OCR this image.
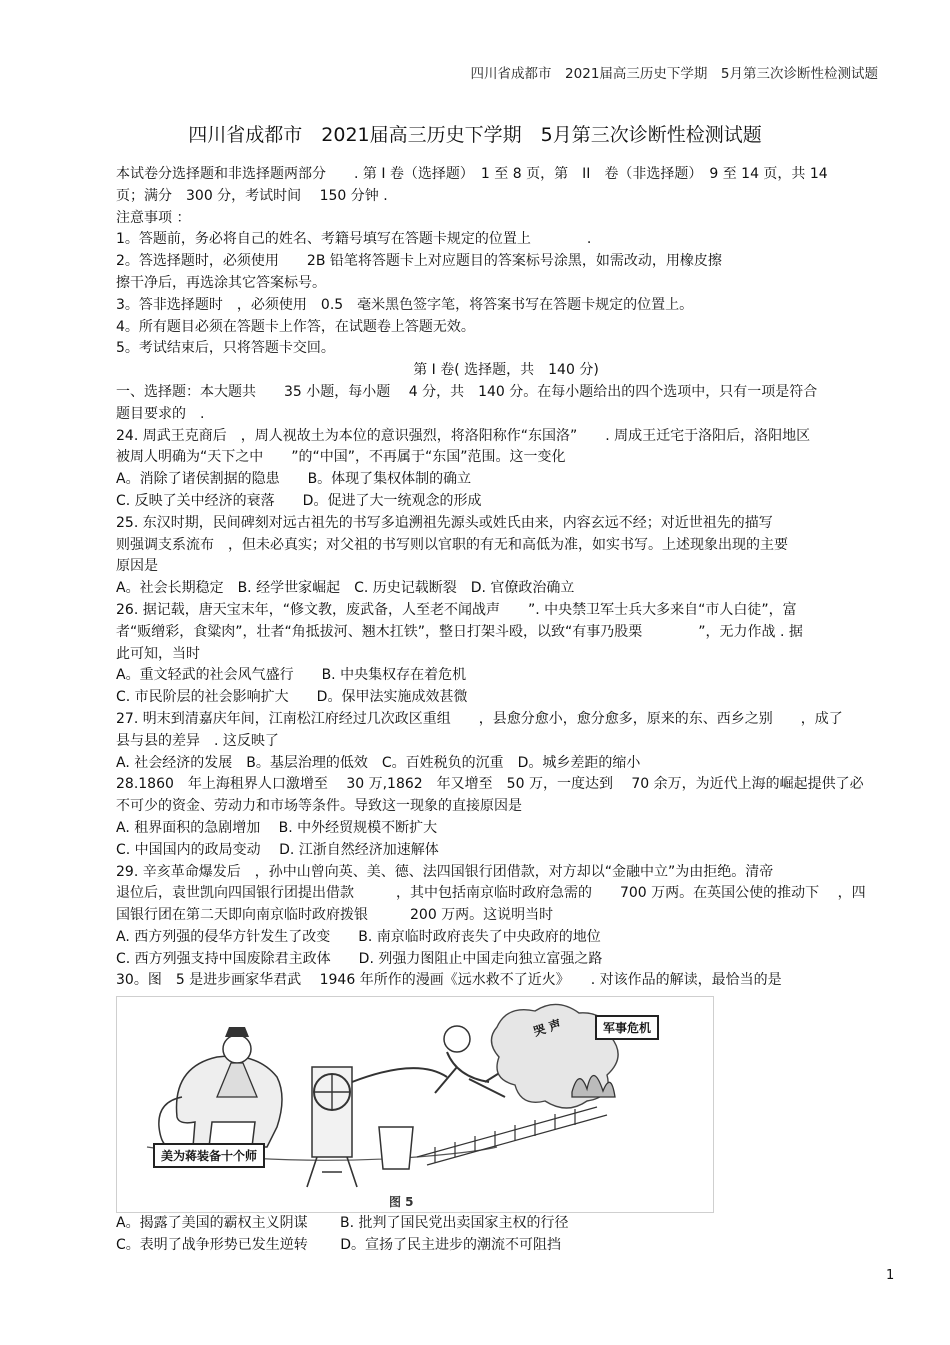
四川省成都市　2021届高三历史下学期　5月第三次诊断性检测试题
四川省成都市　2021届高三历史下学期　5月第三次诊断性检测试题
本试卷分选择题和非选择题两部分　　. 第 I 卷（选择题）　1 至 8 页，第　II　卷（非选择题）　9 至 14 页，共 14
页；满分　300 分，考试时间　 150 分钟 .
注意事项 ：
1。答题前，务必将自己的姓名、考籍号填写在答题卡规定的位置上　　　　.
2。答选择题时，必须使用　　2B 铅笔将答题卡上对应题目的答案标号涂黑，如需改动，用橡皮擦
擦干净后，再选涂其它答案标号。
3。答非选择题时　，必须使用　0.5　毫米黑色签字笔，将答案书写在答题卡规定的位置上。
4。所有题目必须在答题卡上作答，在试题卷上答题无效。
5。考试结束后，只将答题卡交回。
第 I 卷( 选择题，共　140 分)
一、选择题：本大题共　　35 小题，每小题　 4 分，共　140 分。在每小题给出的四个选项中，只有一项是符合
题目要求的　.
24. 周武王克商后　，周人视故土为本位的意识强烈，将洛阳称作“东国洛”　　. 周成王迁宅于洛阳后，洛阳地区
被周人明确为“天下之中　　”的“中国”，不再属于“东国”范围。这一变化
A。消除了诸侯割据的隐患　　B。体现了集权体制的确立
C. 反映了关中经济的衰落　　D。促进了大一统观念的形成
25. 东汉时期，民间碑刻对远古祖先的书写多追溯祖先源头或姓氏由来，内容玄远不经；对近世祖先的描写
则强调支系流布　，但未必真实；对父祖的书写则以官职的有无和高低为准，如实书写。上述现象出现的主要
原因是
A。社会长期稳定　B. 经学世家崛起　C. 历史记载断裂　D. 官僚政治确立
26. 据记载，唐天宝末年，“修文教，废武备，人至老不闻战声　　”. 中央禁卫军士兵大多来自“市人白徒”，富
者“贩缯彩，食粱肉”，壮者“角抵拔河、翘木扛铁”，整日打架斗殴，以致“有事乃股栗　　　　”，无力作战 . 据
此可知，当时
A。重文轻武的社会风气盛行　　B. 中央集权存在着危机
C. 市民阶层的社会影响扩大　　D。保甲法实施成效甚微
27. 明末到清嘉庆年间，江南松江府经过几次政区重组　　，县愈分愈小，愈分愈多，原来的东、西乡之别　　，成了
县与县的差异　. 这反映了
A. 社会经济的发展　B。基层治理的低效　C。百姓税负的沉重　D。城乡差距的缩小
28.1860　年上海租界人口激增至　 30 万,1862　年又增至　50 万，一度达到　 70 余万，为近代上海的崛起提供了必
不可少的资金、劳动力和市场等条件。导致这一现象的直接原因是
A. 租界面积的急剧增加　 B. 中外经贸规模不断扩大
C. 中国国内的政局变动　 D. 江浙自然经济加速解体
29. 辛亥革命爆发后　，孙中山曾向英、美、德、法四国银行团借款，对方却以“金融中立”为由拒绝。清帝
退位后，袁世凯向四国银行团提出借款　　　，其中包括南京临时政府急需的　　700 万两。在英国公使的推动下　 ，四
国银行团在第二天即向南京临时政府拨银　　　200 万两。这说明当时
A. 西方列强的侵华方针发生了改变　　B. 南京临时政府丧失了中央政府的地位
C. 西方列强支持中国废除君主政体　　D. 列强力图阻止中国走向独立富强之路
30。图　5 是进步画家华君武　 1946 年所作的漫画《远水救不了近火》　　. 对该作品的解读，最恰当的是
军事危机
美为蒋装备十个师
哭 声
图 5
A。揭露了美国的霸权主义阴谋　　 B. 批判了国民党出卖国家主权的行径
C。表明了战争形势已发生逆转　　 D。宣扬了民主进步的潮流不可阻挡
1
